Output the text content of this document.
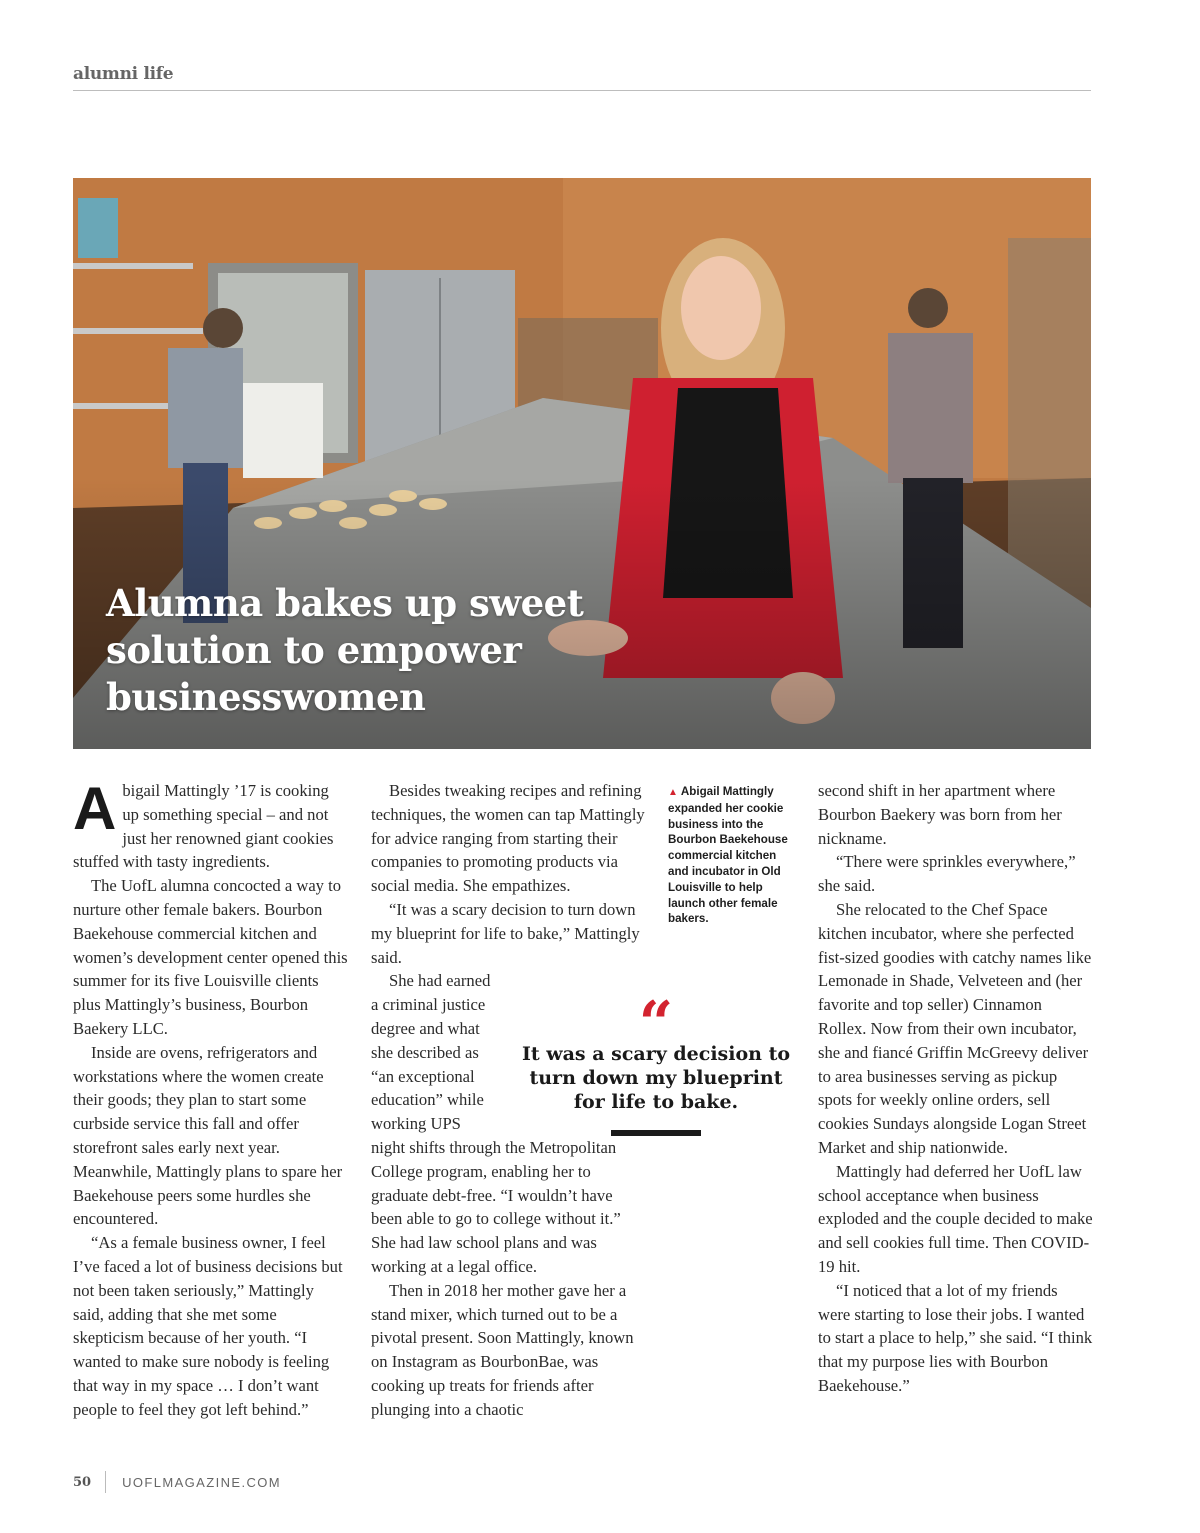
alumni life
Alumna bakes up sweet solution to empower businesswomen

Abigail Mattingly ’17 is cooking up something special – and not just her renowned giant cookies stuffed with tasty ingredients.

The UofL alumna concocted a way to nurture other female bakers. Bourbon Baekehouse commercial kitchen and women’s development center opened this summer for its five Louisville clients plus Mattingly’s business, Bourbon Baekery LLC.

Inside are ovens, refrigerators and workstations where the women create their goods; they plan to start some curbside service this fall and offer storefront sales early next year. Meanwhile, Mattingly plans to spare her Baekehouse peers some hurdles she encountered.

“As a female business owner, I feel I’ve faced a lot of business decisions but not been taken seriously,” Mattingly said, adding that she met some skepticism because of her youth. “I wanted to make sure nobody is feeling that way in my space … I don’t want people to feel they got left behind.”

Besides tweaking recipes and refining techniques, the women can tap Mattingly for advice ranging from starting their companies to promoting products via social media. She empathizes.

“It was a scary decision to turn down my blueprint for life to bake,” Mattingly said.

She had earned a criminal justice degree and what she described as “an exceptional education” while working UPS

night shifts through the Metropolitan College program, enabling her to graduate debt-free. “I wouldn’t have been able to go to college without it.” She had law school plans and was working at a legal office.

Then in 2018 her mother gave her a stand mixer, which turned out to be a pivotal present. Soon Mattingly, known on Instagram as BourbonBae, was cooking up treats for friends after plunging into a chaotic

▲ Abigail Mattingly expanded her cookie business into the Bourbon Baekehouse commercial kitchen and incubator in Old Louisville to help launch other female bakers.
“
It was a scary decision to turn down my blueprint for life to bake.

second shift in her apartment where Bourbon Baekery was born from her nickname.

“There were sprinkles everywhere,” she said.

She relocated to the Chef Space kitchen incubator, where she perfected fist-sized goodies with catchy names like Lemonade in Shade, Velveteen and (her favorite and top seller) Cinnamon Rollex. Now from their own incubator, she and fiancé Griffin McGreevy deliver to area businesses serving as pickup spots for weekly online orders, sell cookies Sundays alongside Logan Street Market and ship nationwide.

Mattingly had deferred her UofL law school acceptance when business exploded and the couple decided to make and sell cookies full time. Then COVID-19 hit.

“I noticed that a lot of my friends were starting to lose their jobs. I wanted to start a place to help,” she said. “I think that my purpose lies with Bourbon Baekehouse.”

50 UOFLMAGAZINE.COM
